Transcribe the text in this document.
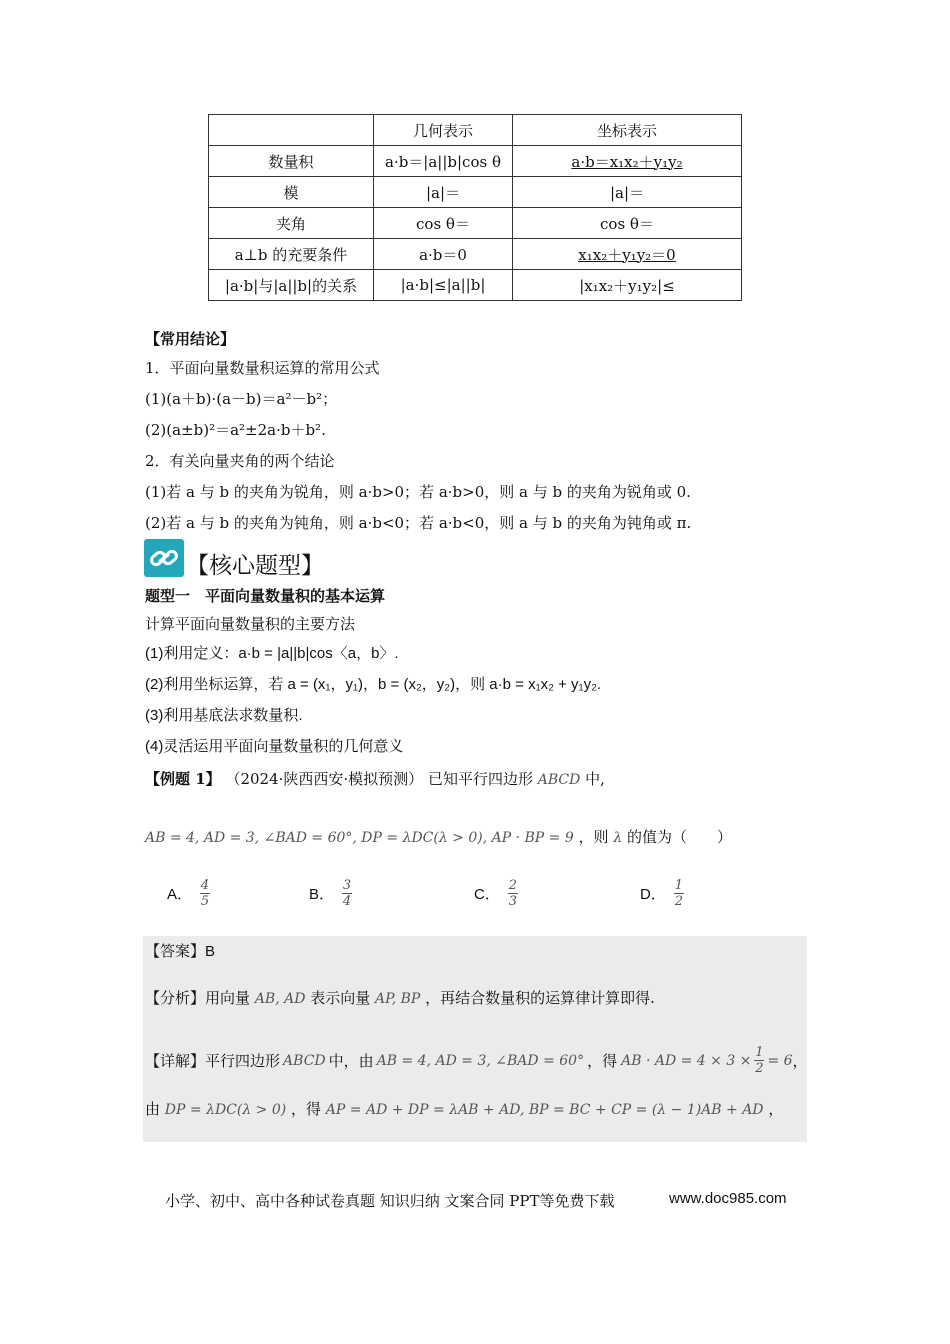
	几何表示	坐标表示
数量积	a·b＝|a||b|cos θ	a·b＝x₁x₂＋y₁y₂
模	|a|＝	|a|＝
夹角	cos θ＝	cos θ＝
a⊥b 的充要条件	a·b＝0	x₁x₂＋y₁y₂＝0
|a·b|与|a||b|的关系	|a·b|≤|a||b|	|x₁x₂＋y₁y₂|≤
【常用结论】
1．平面向量数量积运算的常用公式
(1)(a＋b)·(a－b)＝a²－b²；
(2)(a±b)²＝a²±2a·b＋b².
2．有关向量夹角的两个结论
(1)若 a 与 b 的夹角为锐角，则 a·b>0；若 a·b>0，则 a 与 b 的夹角为锐角或 0.
(2)若 a 与 b 的夹角为钝角，则 a·b<0；若 a·b<0，则 a 与 b 的夹角为钝角或 π.
【核心题型】
题型一　平面向量数量积的基本运算
计算平面向量数量积的主要方法
(1)利用定义：a·b = |a||b|cos〈a，b〉.
(2)利用坐标运算，若 a = (x₁，y₁)，b = (x₂，y₂)，则 a·b = x₁x₂ + y₁y₂.
(3)利用基底法求数量积.
(4)灵活运用平面向量数量积的几何意义
【例题 1】 （2024·陕西西安·模拟预测） 已知平行四边形 ABCD 中,
AB = 4, AD = 3, ∠BAD = 60°, DP = λDC(λ > 0), AP · BP = 9 ，则 λ 的值为（　　）
A． $\frac{4}{5}$	B． $\frac{3}{4}$	C． $\frac{2}{3}$	D． $\frac{1}{2}$
【答案】B
【分析】用向量 AB, AD 表示向量 AP, BP ，再结合数量积的运算律计算即得.
【详解】 平行四边形 ABCD 中，由 AB = 4, AD = 3, ∠BAD = 60° ，得 AB · AD = $4 \times 3 \times \frac{1}{2} = 6$ ，
由 DP = λDC(λ > 0) ，得 AP = AD + DP = λAB + AD, BP = BC + CP = (λ − 1)AB + AD ，
小学、初中、高中各种试卷真题 知识归纳 文案合同 PPT等免费下载	www.doc985.com
